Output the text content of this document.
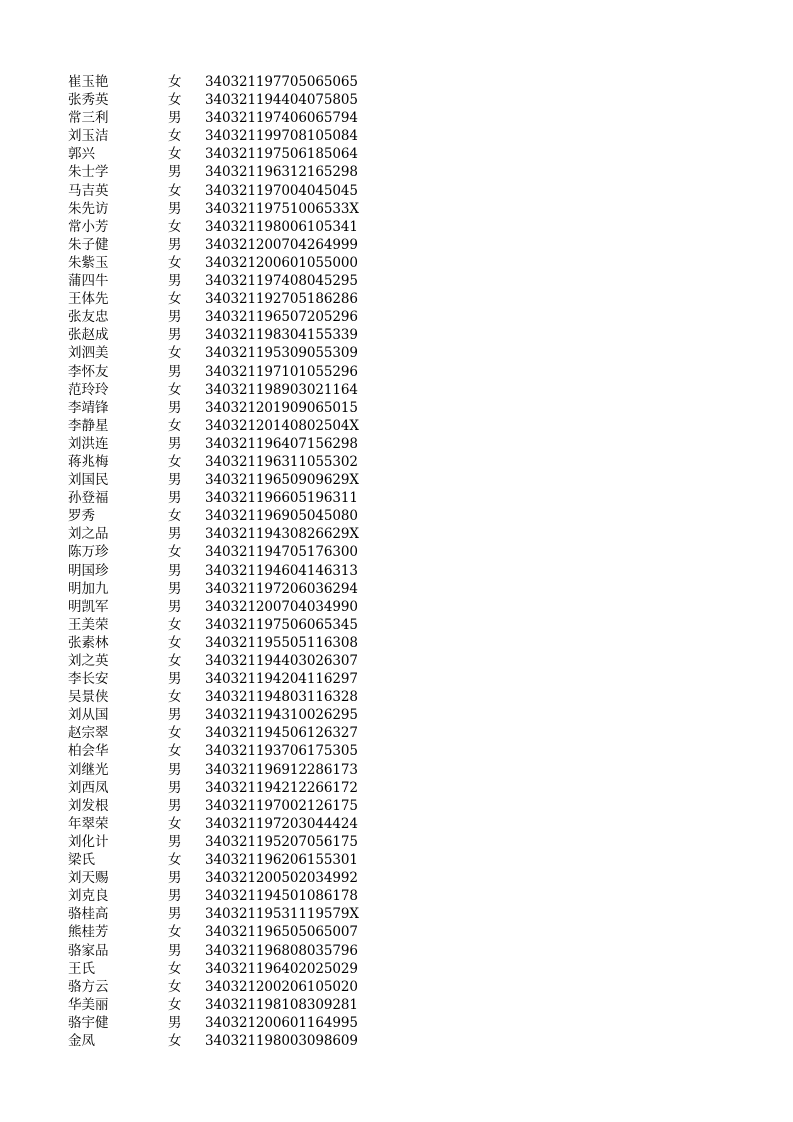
崔玉艳	女	340321197705065065
张秀英	女	340321194404075805
常三利	男	340321197406065794
刘玉洁	女	340321199708105084
郭兴	女	340321197506185064
朱士学	男	340321196312165298
马吉英	女	340321197004045045
朱先访	男	34032119751006533X
常小芳	女	340321198006105341
朱子健	男	340321200704264999
朱紫玉	女	340321200601055000
蒲四牛	男	340321197408045295
王体先	女	340321192705186286
张友忠	男	340321196507205296
张赵成	男	340321198304155339
刘泗美	女	340321195309055309
李怀友	男	340321197101055296
范玲玲	女	340321198903021164
李靖锋	男	340321201909065015
李静星	女	34032120140802504X
刘洪连	男	340321196407156298
蒋兆梅	女	340321196311055302
刘国民	男	34032119650909629X
孙登福	男	340321196605196311
罗秀	女	340321196905045080
刘之品	男	34032119430826629X
陈万珍	女	340321194705176300
明国珍	男	340321194604146313
明加九	男	340321197206036294
明凯军	男	340321200704034990
王美荣	女	340321197506065345
张素林	女	340321195505116308
刘之英	女	340321194403026307
李长安	男	340321194204116297
吴景侠	女	340321194803116328
刘从国	男	340321194310026295
赵宗翠	女	340321194506126327
柏会华	女	340321193706175305
刘继光	男	340321196912286173
刘西凤	男	340321194212266172
刘发根	男	340321197002126175
年翠荣	女	340321197203044424
刘化计	男	340321195207056175
梁氏	女	340321196206155301
刘天赐	男	340321200502034992
刘克良	男	340321194501086178
骆桂高	男	34032119531119579X
熊桂芳	女	340321196505065007
骆家品	男	340321196808035796
王氏	女	340321196402025029
骆方云	女	340321200206105020
华美丽	女	340321198108309281
骆宇健	男	340321200601164995
金凤	女	340321198003098609
